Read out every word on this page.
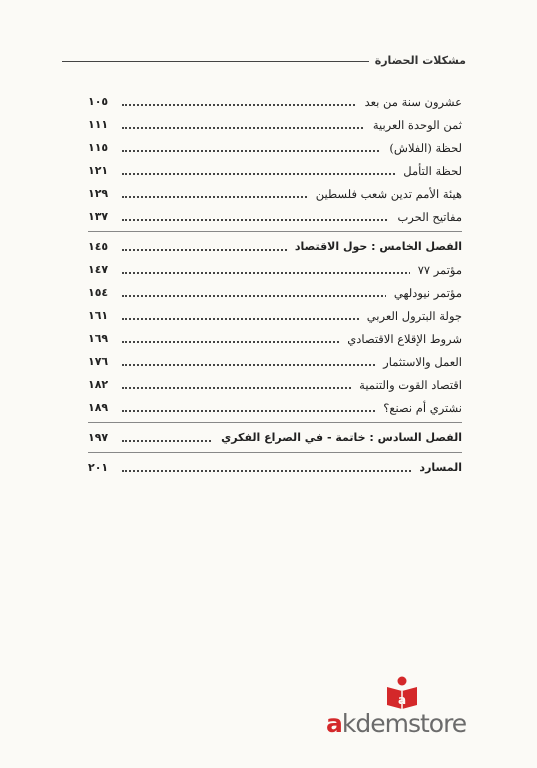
مشكلات الحضارة
عشرون سنة من بعد
١٠٥
ثمن الوحدة العربية
١١١
لحظة (الفلاش)
١١٥
لحظة التأمل
١٢١
هيئة الأمم تدين شعب فلسطين
١٢٩
مفاتيح الحرب
١٣٧
الفصل الخامس : حول الاقتصاد
١٤٥
مؤتمر ٧٧
١٤٧
مؤتمر نيودلهي
١٥٤
جولة البترول العربي
١٦١
شروط الإقلاع الاقتصادي
١٦٩
العمل والاستثمار
١٧٦
اقتصاد القوت والتنمية
١٨٢
نشتري أم نصنع؟
١٨٩
الفصل السادس : خاتمة - في الصراع الفكري
١٩٧
المسارد
٢٠١
a
akdemstore
